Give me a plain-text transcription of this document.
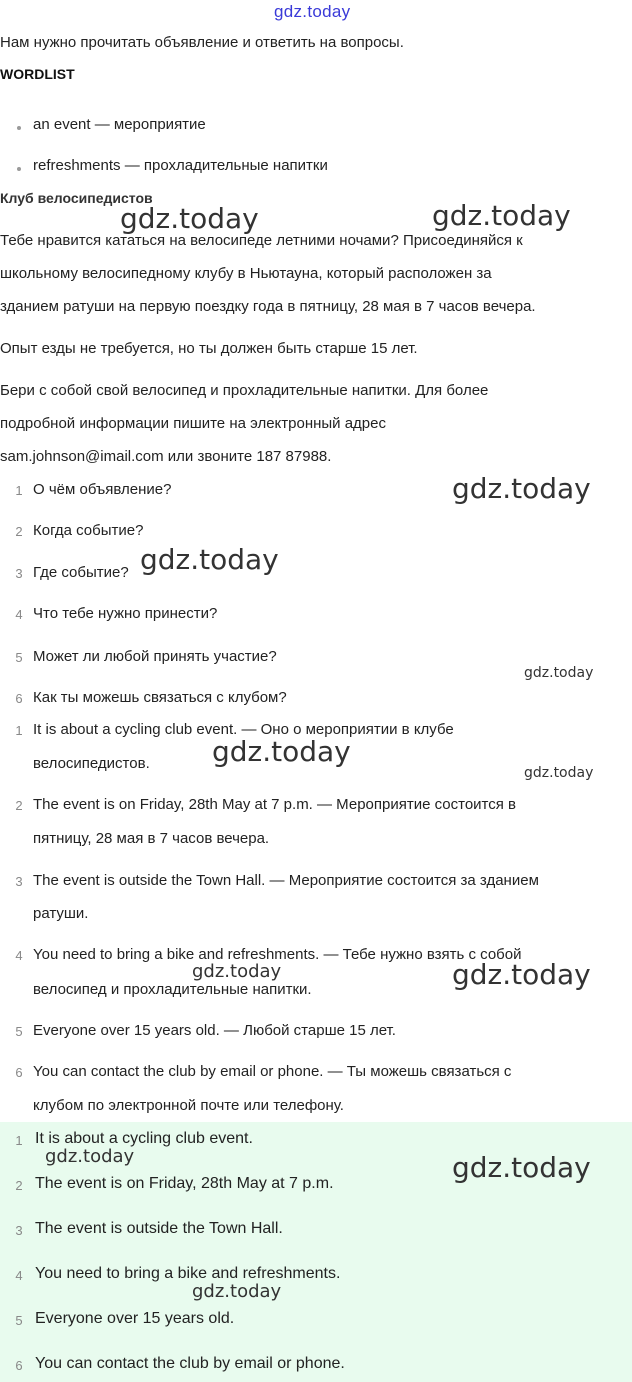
gdz.today
Нам нужно прочитать объявление и ответить на вопросы.
WORDLIST
an event — мероприятие
refreshments — прохладительные напитки
Клуб велосипедистов
Тебе нравится кататься на велосипеде летними ночами? Присоединяйся к
школьному велосипедному клубу в Ньютауна, который расположен за
зданием ратуши на первую поездку года в пятницу, 28 мая в 7 часов вечера.
Опыт езды не требуется, но ты должен быть старше 15 лет.
Бери с собой свой велосипед и прохладительные напитки. Для более
подробной информации пишите на электронный адрес
sam.johnson@imail.com или звоните 187 87988.
1 О чём объявление?
2 Когда событие?
3 Где событие?
4 Что тебе нужно принести?
5 Может ли любой принять участие?
6 Как ты можешь связаться с клубом?
1 It is about a cycling club event. — Оно о мероприятии в клубе
велосипедистов.
2 The event is on Friday, 28th May at 7 p.m. — Мероприятие состоится в
пятницу, 28 мая в 7 часов вечера.
3 The event is outside the Town Hall. — Мероприятие состоится за зданием
ратуши.
4 You need to bring a bike and refreshments. — Тебе нужно взять с собой
велосипед и прохладительные напитки.
5 Everyone over 15 years old. — Любой старше 15 лет.
6 You can contact the club by email or phone. — Ты можешь связаться с
клубом по электронной почте или телефону.
1 It is about a cycling club event.
2 The event is on Friday, 28th May at 7 p.m.
3 The event is outside the Town Hall.
4 You need to bring a bike and refreshments.
5 Everyone over 15 years old.
6 You can contact the club by email or phone.
gdz.today	gdz.today
gdz.today
gdz.today
gdz.today
gdz.today
gdz.today
gdz.today	gdz.today
gdz.today	gdz.today
gdz.today
